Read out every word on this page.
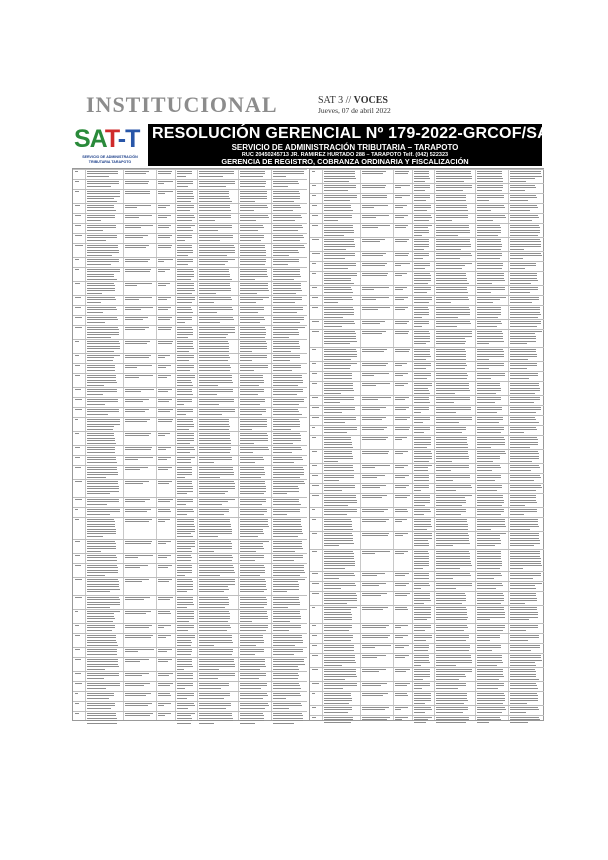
INSTITUCIONAL	SAT 3 // VOCES
Jueves, 07 de abril 2022
SAT-T
SERVICIO DE ADMINISTRACIÓN TRIBUTARIA TARAPOTO
RESOLUCIÓN GERENCIAL Nº 179-2022-GRCOF/SAT-T
SERVICIO DE ADMINISTRACIÓN TRIBUTARIA – TARAPOTO
RUC 20450245713 JR. RAMIREZ HURTADO 288 – TARAPOTO Telf. (042) 522323
GERENCIA DE REGISTRO, COBRANZA ORDINARIA Y FISCALIZACIÓN
